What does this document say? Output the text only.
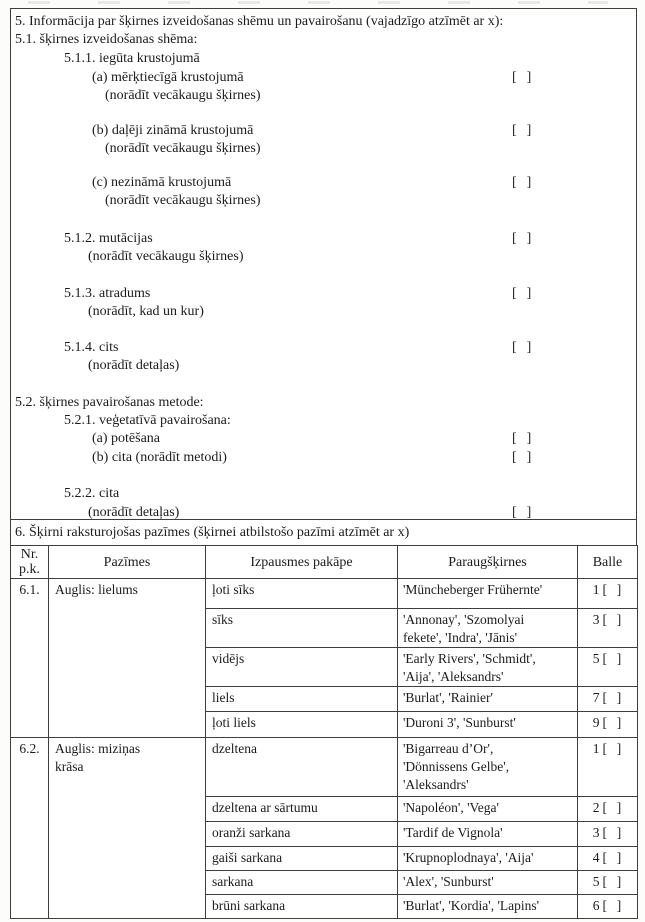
5. Informācija par šķirnes izveidošanas shēmu un pavairošanu (vajadzīgo atzīmēt ar x):
5.1. šķirnes izveidošanas shēma:
5.1.1. iegūta krustojumā
(a) mērķtiecīgā krustojumā	[  ]
(norādīt vecākaugu šķirnes)
(b) daļēji zināmā krustojumā	[  ]
(norādīt vecākaugu šķirnes)
(c) nezināmā krustojumā	[  ]
(norādīt vecākaugu šķirnes)
5.1.2. mutācijas	[  ]
(norādīt vecākaugu šķirnes)
5.1.3. atradums	[  ]
(norādīt, kad un kur)
5.1.4. cits	[  ]
(norādīt detaļas)
5.2. šķirnes pavairošanas metode:
5.2.1. veģetatīvā pavairošana:
(a) potēšana	[  ]
(b) cita (norādīt metodi)	[  ]
5.2.2. cita
(norādīt detaļas)	[  ]
6. Šķirni raksturojošas pazīmes (šķirnei atbilstošo pazīmi atzīmēt ar x)
Nr.
p.k.	Pazīmes	Izpausmes pakāpe	Paraugšķirnes	Balle
6.1.	Auglis: lielums	ļoti sīks	'Müncheberger Frühernte'	1 [  ]
		sīks	'Annonay', 'Szomolyai fekete', 'Indra', 'Jānis'	3 [  ]
		vidējs	'Early Rivers', 'Schmidt', 'Aija', 'Aleksandrs'	5 [  ]
		liels	'Burlat', 'Rainier'	7 [  ]
		ļoti liels	'Duroni 3', 'Sunburst'	9 [  ]
6.2.	Auglis: miziņas krāsa	dzeltena	'Bigarreau d’Or', 'Dönnissens Gelbe', 'Aleksandrs'	1 [  ]
		dzeltena ar sārtumu	'Napoléon', 'Vega'	2 [  ]
		oranži sarkana	'Tardif de Vignola'	3 [  ]
		gaiši sarkana	'Krupnoplodnaya', 'Aija'	4 [  ]
		sarkana	'Alex', 'Sunburst'	5 [  ]
		brūni sarkana	'Burlat', 'Kordia', 'Lapins'	6 [  ]
